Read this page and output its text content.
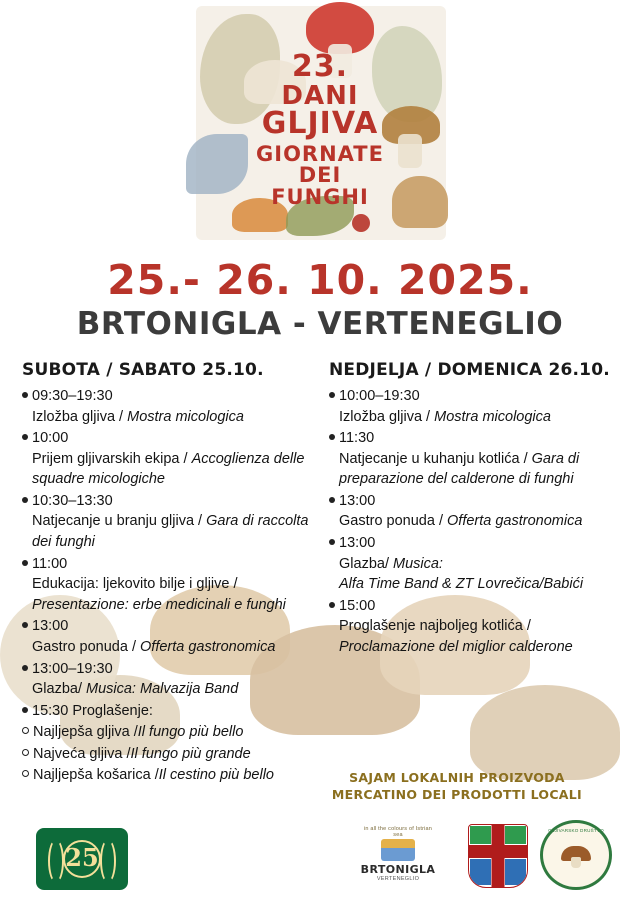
23.
DANI
GLJIVA
GIORNATE
DEI
FUNGHI
25.- 26. 10. 2025.
BRTONIGLA - VERTENEGLIO
SUBOTA / SABATO 25.10.
09:30–19:30
Izložba gljiva / Mostra micologica
10:00
Prijem gljivarskih ekipa / Accoglienza delle squadre micologiche
10:30–13:30
Natjecanje u branju gljiva / Gara di raccolta dei funghi
11:00
Edukacija: ljekovito bilje i gljive / Presentazione: erbe medicinali e funghi
13:00
Gastro ponuda / Offerta gastronomica
13:00–19:30
Glazba/ Musica: Malvazija Band
15:30 Proglašenje:
Najljepša gljiva / Il fungo più bello
Najveća gljiva / Il fungo più grande
Najljepša košarica / Il cestino più bello
NEDJELJA / DOMENICA 26.10.
10:00–19:30
Izložba gljiva / Mostra micologica
11:30
Natjecanje u kuhanju kotlića / Gara di preparazione del calderone di funghi
13:00
Gastro ponuda / Offerta gastronomica
13:00
Glazba/ Musica:
Alfa Time Band & ZT Lovrečica/Babići
15:00
Proglašenje najboljeg kotlića / Proclamazione del miglior calderone
SAJAM LOKALNIH PROIZVODA
MERCATINO DEI PRODOTTI LOCALI
25
in all the colours of Istrian sea
BRTONIGLA
VERTENEGLIO
GLJIVARSKO DRUŠTVO
